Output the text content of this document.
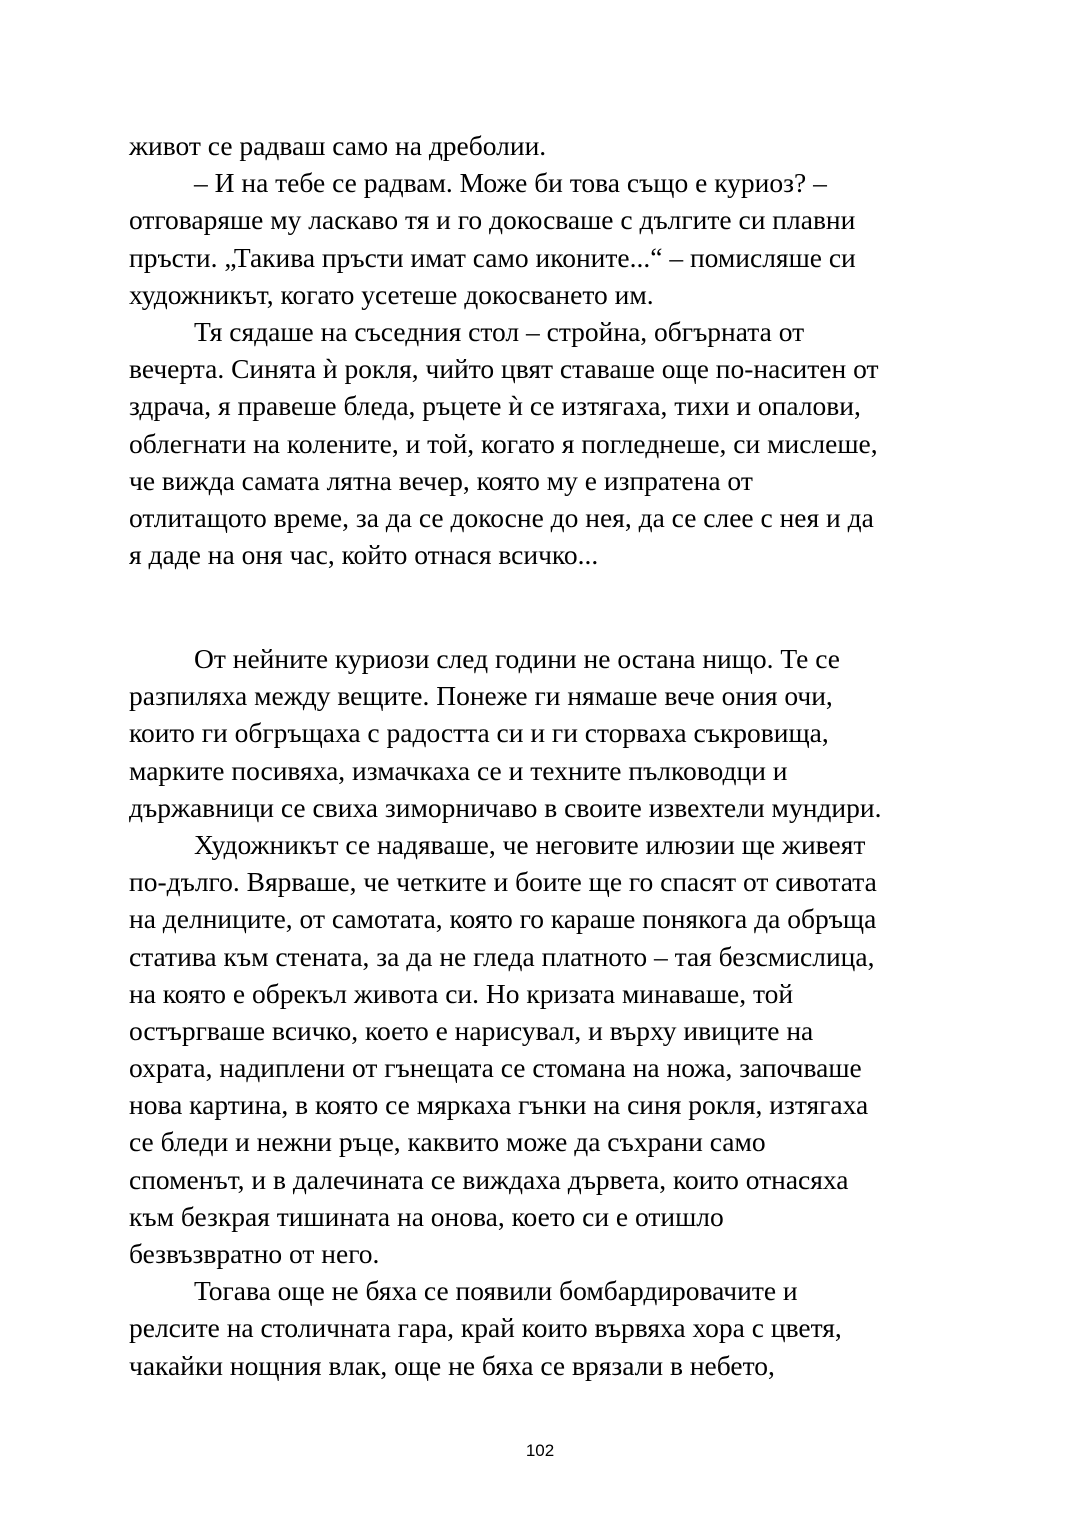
живот се радваш само на дреболии.
– И на тебе се радвам. Може би това също е куриоз? –
отговаряше му ласкаво тя и го докосваше с дългите си плавни
пръсти. „Такива пръсти имат само иконите...“ – помисляше си
художникът, когато усетеше докосването им.
Тя сядаше на съседния стол – стройна, обгърната от
вечерта. Синята ѝ рокля, чийто цвят ставаше още по-наситен от
здрача, я правеше бледа, ръцете ѝ се изтягаха, тихи и опалови,
облегнати на колените, и той, когато я погледнеше, си мислеше,
че вижда самата лятна вечер, която му е изпратена от
отлитащото време, за да се докосне до нея, да се слее с нея и да
я даде на оня час, който отнася всичко...
От нейните куриози след години не остана нищо. Те се
разпиляха между вещите. Понеже ги нямаше вече ония очи,
които ги обгръщаха с радостта си и ги сторваха съкровища,
марките посивяха, измачкаха се и техните пълководци и
държавници се свиха зиморничаво в своите извехтели мундири.
Художникът се надяваше, че неговите илюзии ще живеят
по-дълго. Вярваше, че четките и боите ще го спасят от сивотата
на делниците, от самотата, която го караше понякога да обръща
статива към стената, за да не гледа платното – тая безсмислица,
на която е обрекъл живота си. Но кризата минаваше, той
остъргваше всичко, което е нарисувал, и върху ивиците на
охрата, надиплени от гънещата се стомана на ножа, започваше
нова картина, в която се мяркаха гънки на синя рокля, изтягаха
се бледи и нежни ръце, каквито може да съхрани само
споменът, и в далечината се виждаха дървета, които отнасяха
към безкрая тишината на онова, което си е отишло
безвъзвратно от него.
Тогава още не бяха се появили бомбардировачите и
релсите на столичната гара, край които вървяха хора с цветя,
чакайки нощния влак, още не бяха се врязали в небето,
102
